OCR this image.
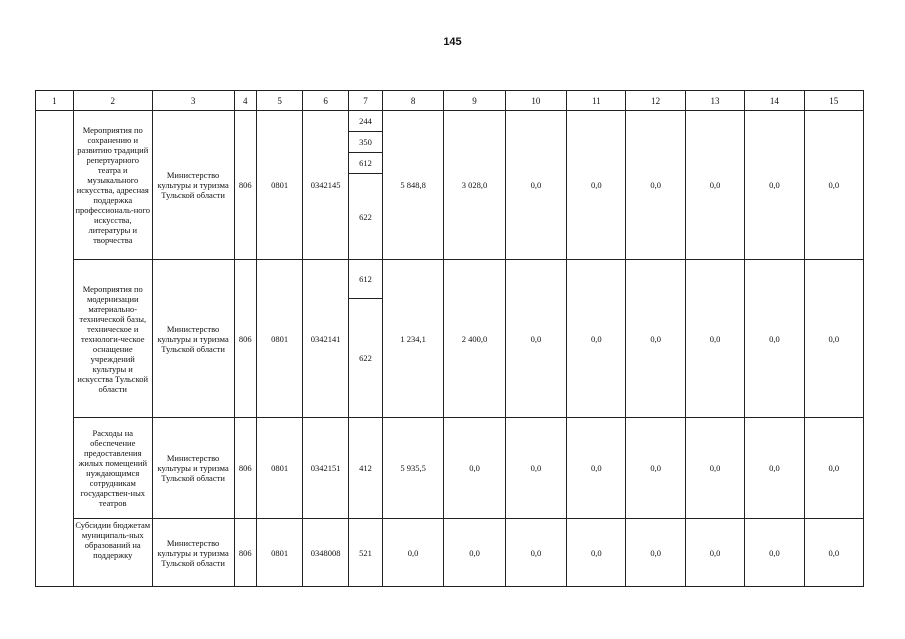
145
1	2	3	4	5	6	7	8	9	10	11	12	13	14	15
	Мероприятия по сохранению и развитию традиций репертуарного театра и музыкального искусства, адресная поддержка профессиональ-ного искусства, литературы и творчества	Министерство культуры и туризма Тульской области	806	0801	0342145	244	5 848,8	3 028,0	0,0	0,0	0,0	0,0	0,0	0,0
						350								
						612								
						622								
	Мероприятия по модернизации материально-технической базы, техническое и технологи-ческое оснащение учреждений культуры и искусства Тульской области	Министерство культуры и туризма Тульской области	806	0801	0342141	612	1 234,1	2 400,0	0,0	0,0	0,0	0,0	0,0	0,0
						622								
	Расходы на обеспечение предоставления жилых помещений нуждающимся сотрудникам государствен-ных театров	Министерство культуры и туризма Тульской области	806	0801	0342151	412	5 935,5	0,0	0,0	0,0	0,0	0,0	0,0	0,0

	Субсидии бюджетам муниципаль-ных образований на поддержку	Министерство культуры и туризма Тульской области	806	0801	0348008	521	0,0	0,0	0,0	0,0	0,0	0,0	0,0	0,0
